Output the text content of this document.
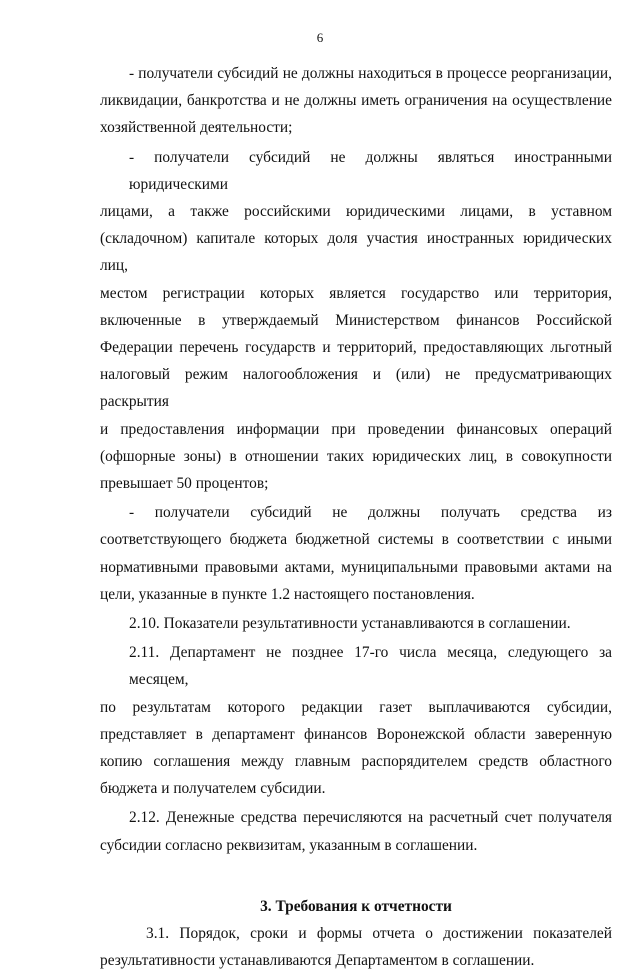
6

- получатели субсидий не должны находиться в процессе реорганизации,
ликвидации, банкротства и не должны иметь ограничения на осуществление
хозяйственной деятельности;

- получатели субсидий не должны являться иностранными юридическими
лицами, а также российскими юридическими лицами, в уставном
(складочном) капитале которых доля участия иностранных юридических лиц,
местом регистрации которых является государство или территория,
включенные в утверждаемый Министерством финансов Российской
Федерации перечень государств и территорий, предоставляющих льготный
налоговый режим налогообложения и (или) не предусматривающих раскрытия
и предоставления информации при проведении финансовых операций
(офшорные зоны) в отношении таких юридических лиц, в совокупности
превышает 50 процентов;

- получатели субсидий не должны получать средства из
соответствующего бюджета бюджетной системы в соответствии с иными
нормативными правовыми актами, муниципальными правовыми актами на
цели, указанные в пункте 1.2 настоящего постановления.

2.10. Показатели результативности устанавливаются в соглашении.

2.11. Департамент не позднее 17-го числа месяца, следующего за месяцем,
по результатам которого редакции газет выплачиваются субсидии,
представляет в департамент финансов Воронежской области заверенную
копию соглашения между главным распорядителем средств областного
бюджета и получателем субсидии.

2.12. Денежные средства перечисляются на расчетный счет получателя
субсидии согласно реквизитам, указанным в соглашении.

3. Требования к отчетности

3.1. Порядок, сроки и формы отчета о достижении показателей
результативности устанавливаются Департаментом в соглашении.
